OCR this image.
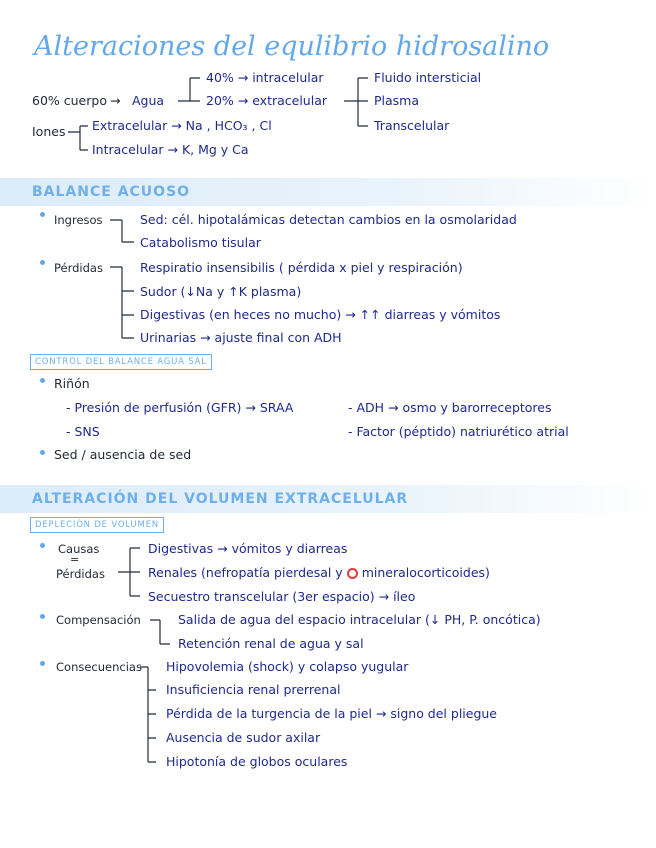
Alteraciones del equlibrio hidrosalino
60% cuerpo → Agua
40% → intracelular
20% → extracelular
Fluido intersticial
Plasma
Transcelular
Iones Extracelular → Na , HCO₃ , Cl
Intracelular → K, Mg y Ca
BALANCE ACUOSO
Ingresos	Sed: cél. hipotalámicas detectan cambios en la osmolaridad
Catabolismo tisular
Pérdidas	Respiratio insensibilis ( pérdida x piel y respiración)
Sudor (↓Na y ↑K plasma)
Digestivas (en heces no mucho) → ↑↑ diarreas y vómitos
Urinarias → ajuste final con ADH
CONTROL DEL BALANCE AGUA SAL
Riñón
- Presión de perfusión (GFR) → SRAA
- SNS
- ADH → osmo y barorreceptores
- Factor (péptido) natriurético atrial
Sed / ausencia de sed
ALTERACIÓN DEL VOLUMEN EXTRACELULAR
DEPLECIÓN DE VOLUMEN
Causas
=
Pérdidas
Digestivas → vómitos y diarreas
Renales (nefropatía pierdesal y mineralocorticoides)
Secuestro transcelular (3er espacio) → íleo
Compensación	Salida de agua del espacio intracelular (↓ PH, P. oncótica)
Retención renal de agua y sal
Consecuencias Hipovolemia (shock) y colapso yugular
Insuficiencia renal prerrenal
Pérdida de la turgencia de la piel → signo del pliegue
Ausencia de sudor axilar
Hipotonía de globos oculares
